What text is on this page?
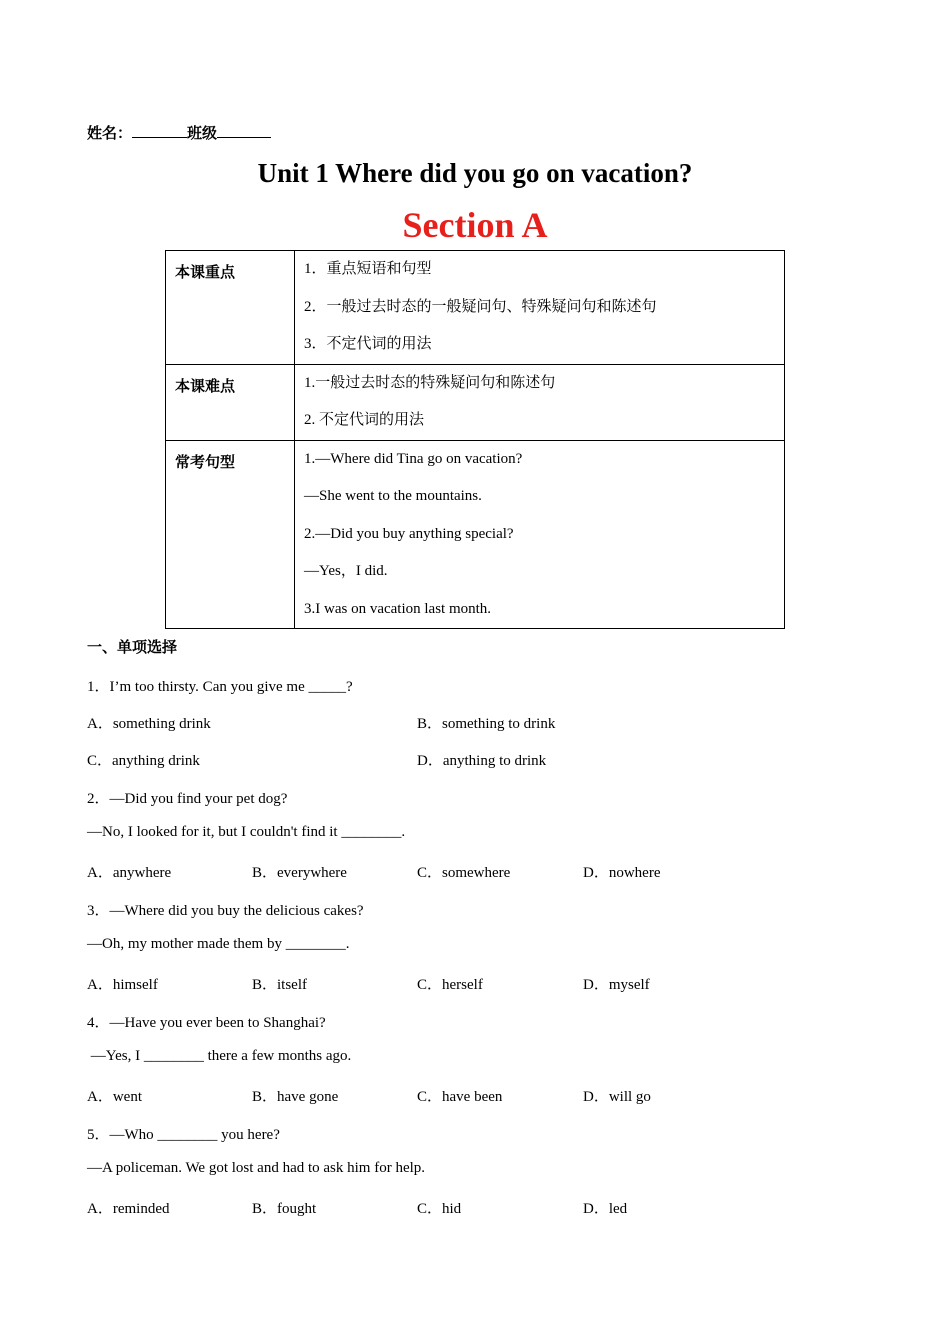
姓名：	班级
Unit 1 Where did you go on vacation?
Section A
本课重点	1．重点短语和句型
2．一般过去时态的一般疑问句、特殊疑问句和陈述句
3．不定代词的用法

本课难点	1.一般过去时态的特殊疑问句和陈述句
2. 不定代词的用法

常考句型	1.—Where did Tina go on vacation?
—She went to the mountains.
2.—Did you buy anything special?
—Yes，I did.
3.I was on vacation last month.
一、单项选择
1．I’m too thirsty. Can you give me _____?
A．something drink	B．something to drink
C．anything drink	D．anything to drink
2．—Did you find your pet dog?
—No, I looked for it, but I couldn't find it ________.
A．anywhere	B．everywhere	C．somewhere	D．nowhere
3．—Where did you buy the delicious cakes?
—Oh, my mother made them by ________.
A．himself	B．itself	C．herself	D．myself
4．—Have you ever been to Shanghai?
—Yes, I ________ there a few months ago.
A．went	B．have gone	C．have been	D．will go
5．—Who ________ you here?
—A policeman. We got lost and had to ask him for help.
A．reminded	B．fought	C．hid	D．led
